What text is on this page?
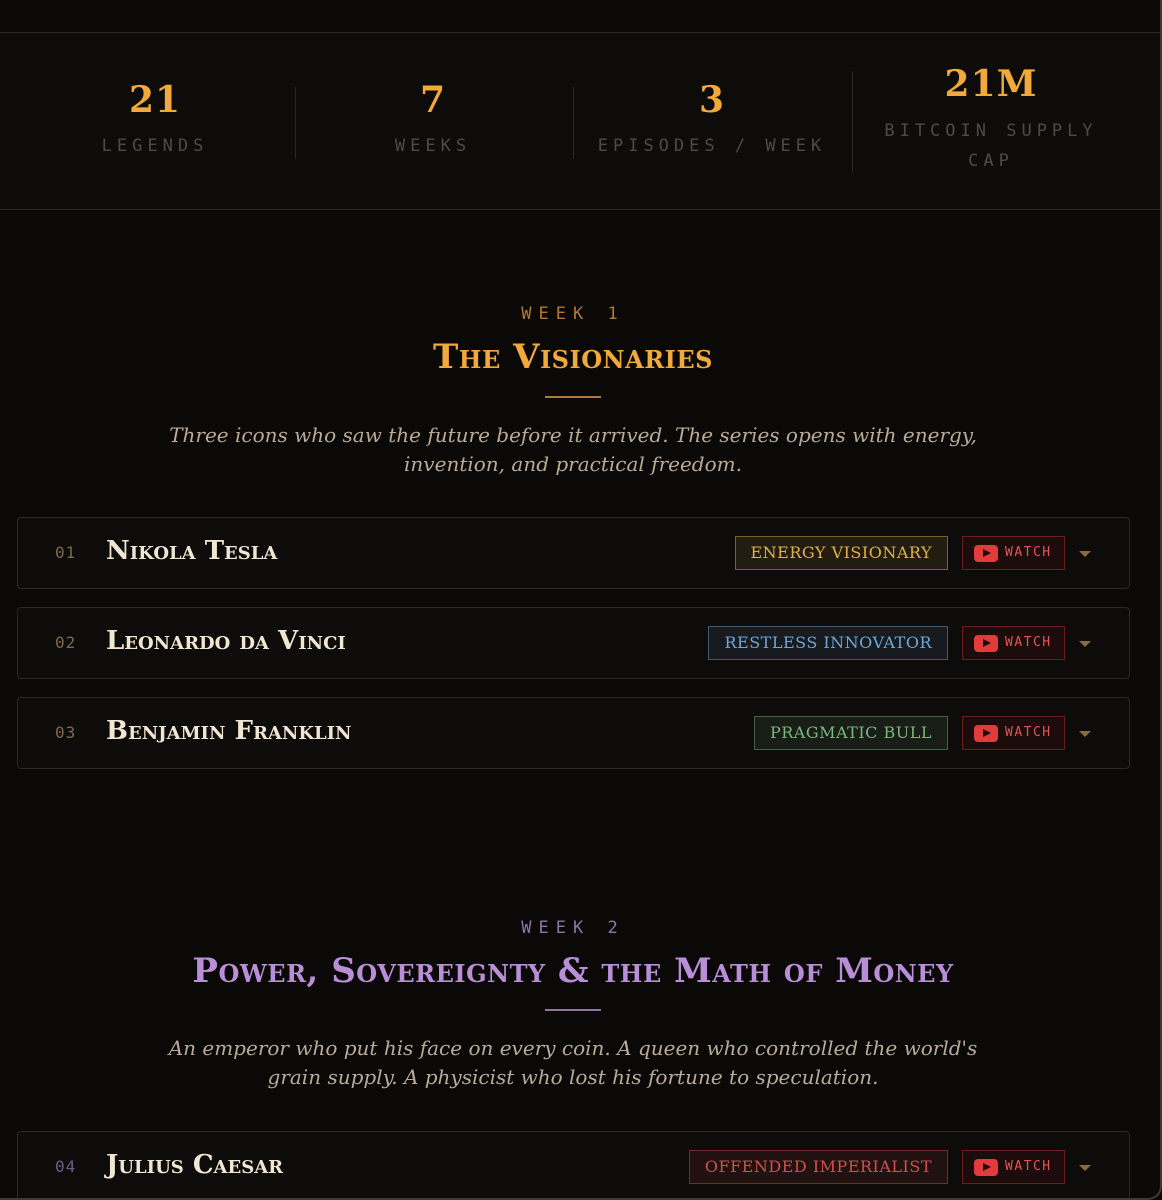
21
LEGENDS
7
WEEKS
3
EPISODES / WEEK
21M
BITCOIN SUPPLY CAP
WEEK 1
The Visionaries
Three icons who saw the future before it arrived. The series opens with energy, invention, and practical freedom.
01 Nikola Tesla	ENERGY VISIONARY	WATCH
02 Leonardo da Vinci	RESTLESS INNOVATOR	WATCH
03 Benjamin Franklin	PRAGMATIC BULL	WATCH
WEEK 2
Power, Sovereignty & the Math of Money
An emperor who put his face on every coin. A queen who controlled the world's grain supply. A physicist who lost his fortune to speculation.
04 Julius Caesar	OFFENDED IMPERIALIST	WATCH
